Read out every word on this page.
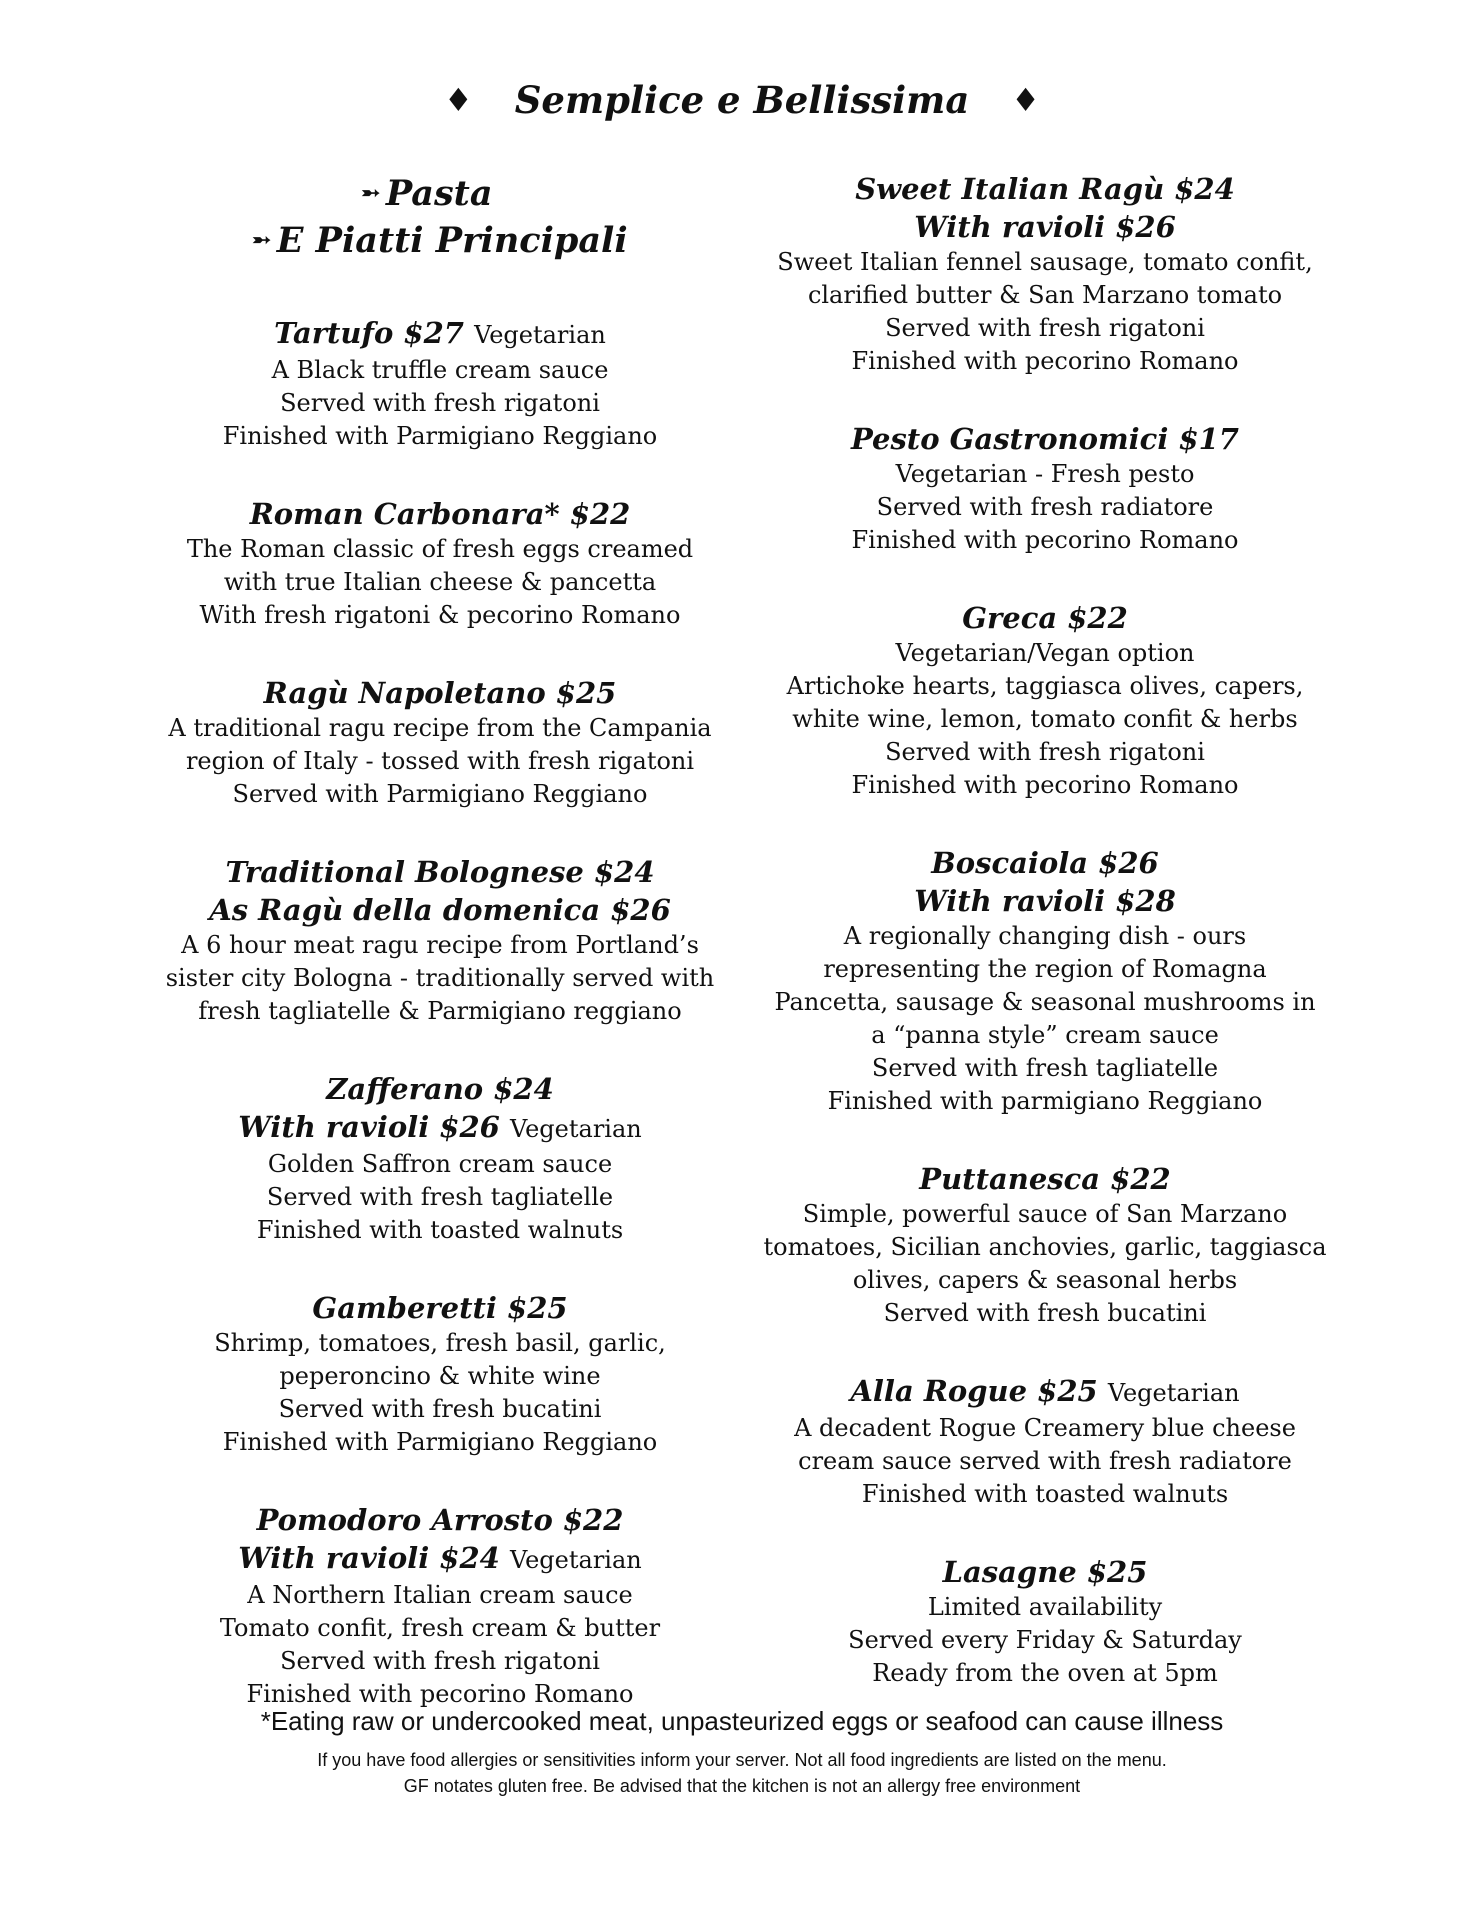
♦ Semplice e Bellissima ♦
➵ Pasta
➵ E Piatti Principali
Tartufo $27 Vegetarian
A Black truffle cream sauce
Served with fresh rigatoni
Finished with Parmigiano Reggiano
Roman Carbonara* $22
The Roman classic of fresh eggs creamed
with true Italian cheese & pancetta
With fresh rigatoni & pecorino Romano
Ragù Napoletano $25
A traditional ragu recipe from the Campania
region of Italy - tossed with fresh rigatoni
Served with Parmigiano Reggiano
Traditional Bolognese $24
As Ragù della domenica $26
A 6 hour meat ragu recipe from Portland’s
sister city Bologna - traditionally served with
fresh tagliatelle & Parmigiano reggiano
Zafferano $24
With ravioli $26 Vegetarian
Golden Saffron cream sauce
Served with fresh tagliatelle
Finished with toasted walnuts
Gamberetti $25
Shrimp, tomatoes, fresh basil, garlic,
peperoncino & white wine
Served with fresh bucatini
Finished with Parmigiano Reggiano
Pomodoro Arrosto $22
With ravioli $24 Vegetarian
A Northern Italian cream sauce
Tomato confit, fresh cream & butter
Served with fresh rigatoni
Finished with pecorino Romano
Sweet Italian Ragù $24
With ravioli $26
Sweet Italian fennel sausage, tomato confit,
clarified butter & San Marzano tomato
Served with fresh rigatoni
Finished with pecorino Romano
Pesto Gastronomici $17
Vegetarian - Fresh pesto
Served with fresh radiatore
Finished with pecorino Romano
Greca $22
Vegetarian/Vegan option
Artichoke hearts, taggiasca olives, capers,
white wine, lemon, tomato confit & herbs
Served with fresh rigatoni
Finished with pecorino Romano
Boscaiola $26
With ravioli $28
A regionally changing dish - ours
representing the region of Romagna
Pancetta, sausage & seasonal mushrooms in
a “panna style” cream sauce
Served with fresh tagliatelle
Finished with parmigiano Reggiano
Puttanesca $22
Simple, powerful sauce of San Marzano
tomatoes, Sicilian anchovies, garlic, taggiasca
olives, capers & seasonal herbs
Served with fresh bucatini
Alla Rogue $25 Vegetarian
A decadent Rogue Creamery blue cheese
cream sauce served with fresh radiatore
Finished with toasted walnuts
Lasagne $25
Limited availability
Served every Friday & Saturday
Ready from the oven at 5pm
*Eating raw or undercooked meat, unpasteurized eggs or seafood can cause illness
If you have food allergies or sensitivities inform your server. Not all food ingredients are listed on the menu.
GF notates gluten free. Be advised that the kitchen is not an allergy free environment
